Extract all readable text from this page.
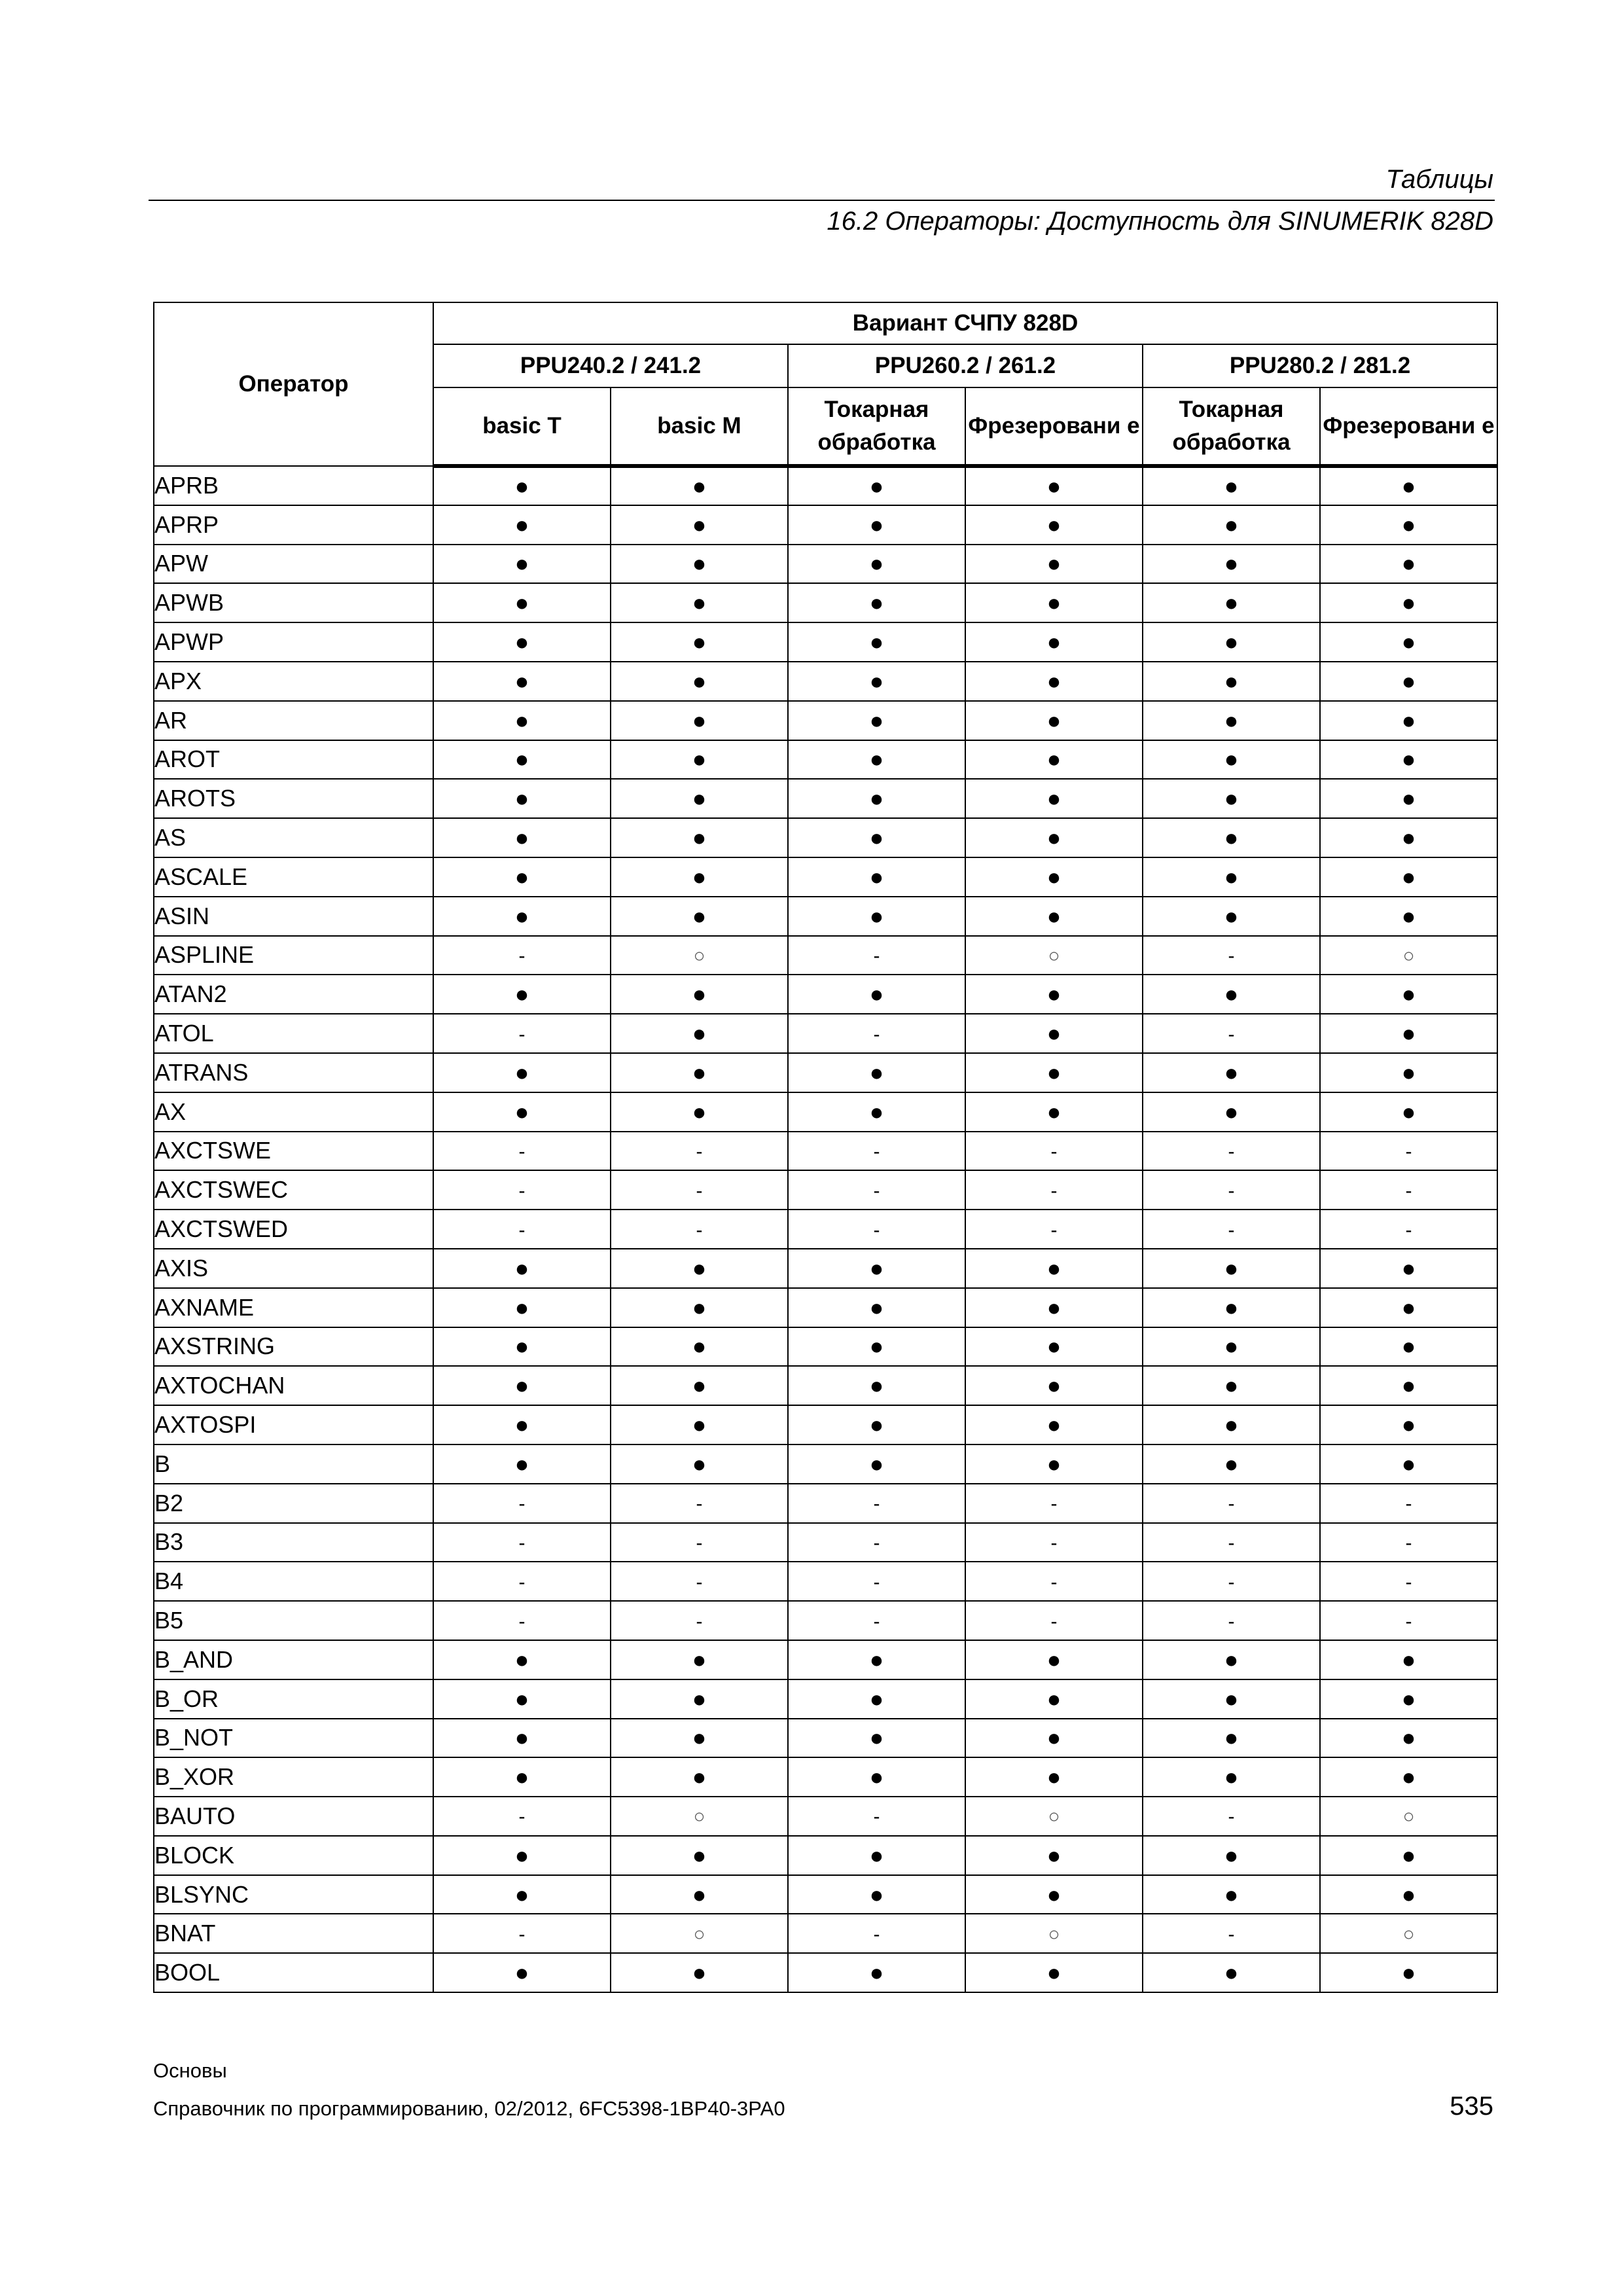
Таблицы
16.2 Операторы: Доступность для SINUMERIK 828D
Оператор	Вариант СЧПУ 828D					
	PPU240.2 / 241.2		PPU260.2 / 261.2		PPU280.2 / 281.2	
	basic T	basic M	Токарная обработка	Фрезеровани е	Токарная обработка	Фрезеровани е
APRB	●	●	●	●	●	●
APRP	●	●	●	●	●	●
APW	●	●	●	●	●	●
APWB	●	●	●	●	●	●
APWP	●	●	●	●	●	●
APX	●	●	●	●	●	●
AR	●	●	●	●	●	●
AROT	●	●	●	●	●	●
AROTS	●	●	●	●	●	●
AS	●	●	●	●	●	●
ASCALE	●	●	●	●	●	●
ASIN	●	●	●	●	●	●
ASPLINE	-	○	-	○	-	○
ATAN2	●	●	●	●	●	●
ATOL	-	●	-	●	-	●
ATRANS	●	●	●	●	●	●
AX	●	●	●	●	●	●
AXCTSWE	-	-	-	-	-	-
AXCTSWEC	-	-	-	-	-	-
AXCTSWED	-	-	-	-	-	-
AXIS	●	●	●	●	●	●
AXNAME	●	●	●	●	●	●
AXSTRING	●	●	●	●	●	●
AXTOCHAN	●	●	●	●	●	●
AXTOSPI	●	●	●	●	●	●
B	●	●	●	●	●	●
B2	-	-	-	-	-	-
B3	-	-	-	-	-	-
B4	-	-	-	-	-	-
B5	-	-	-	-	-	-
B_AND	●	●	●	●	●	●
B_OR	●	●	●	●	●	●
B_NOT	●	●	●	●	●	●
B_XOR	●	●	●	●	●	●
BAUTO	-	○	-	○	-	○
BLOCK	●	●	●	●	●	●
BLSYNC	●	●	●	●	●	●
BNAT	-	○	-	○	-	○
BOOL	●	●	●	●	●	●
Основы
Справочник по программированию, 02/2012, 6FC5398-1BP40-3PA0	535
